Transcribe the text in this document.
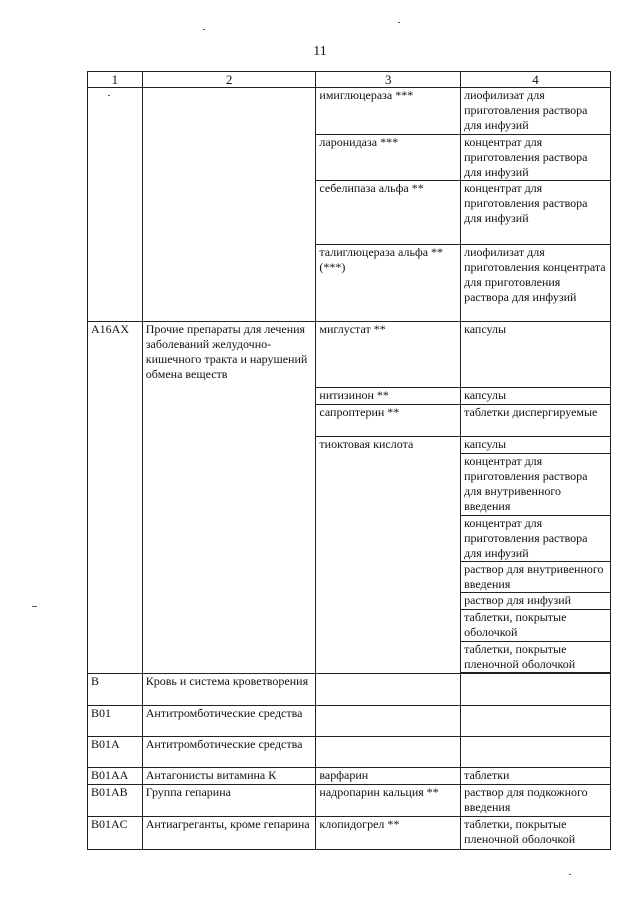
11
1	2	3	4
		имиглюцераза ***	лиофилизат для приготовления раствора для инфузий
		ларонидаза ***	концентрат для приготовления раствора для инфузий
		себелипаза альфа **	концентрат для приготовления раствора для инфузий
		талиглюцераза альфа ** (***)	лиофилизат для приготовления концентрата для приготовления раствора для инфузий
A16AX	Прочие препараты для лечения заболеваний желудочно-кишечного тракта и нарушений обмена веществ	миглустат **	капсулы
		нитизинон **	капсулы
		сапроптерин **	таблетки диспергируемые
		тиоктовая кислота	капсулы
			концентрат для приготовления раствора для внутривенного введения
			концентрат для приготовления раствора для инфузий
			раствор для внутривенного введения
			раствор для инфузий
			таблетки, покрытые оболочкой
			таблетки, покрытые пленочной оболочкой

B	Кровь и система кроветворения		
B01	Антитромботические средства		
B01A	Антитромботические средства		
B01AA	Антагонисты витамина К	варфарин	таблетки
B01AB	Группа гепарина	надропарин кальция **	раствор для подкожного введения
B01AC	Антиагреганты, кроме гепарина	клопидогрел **	таблетки, покрытые пленочной оболочкой
